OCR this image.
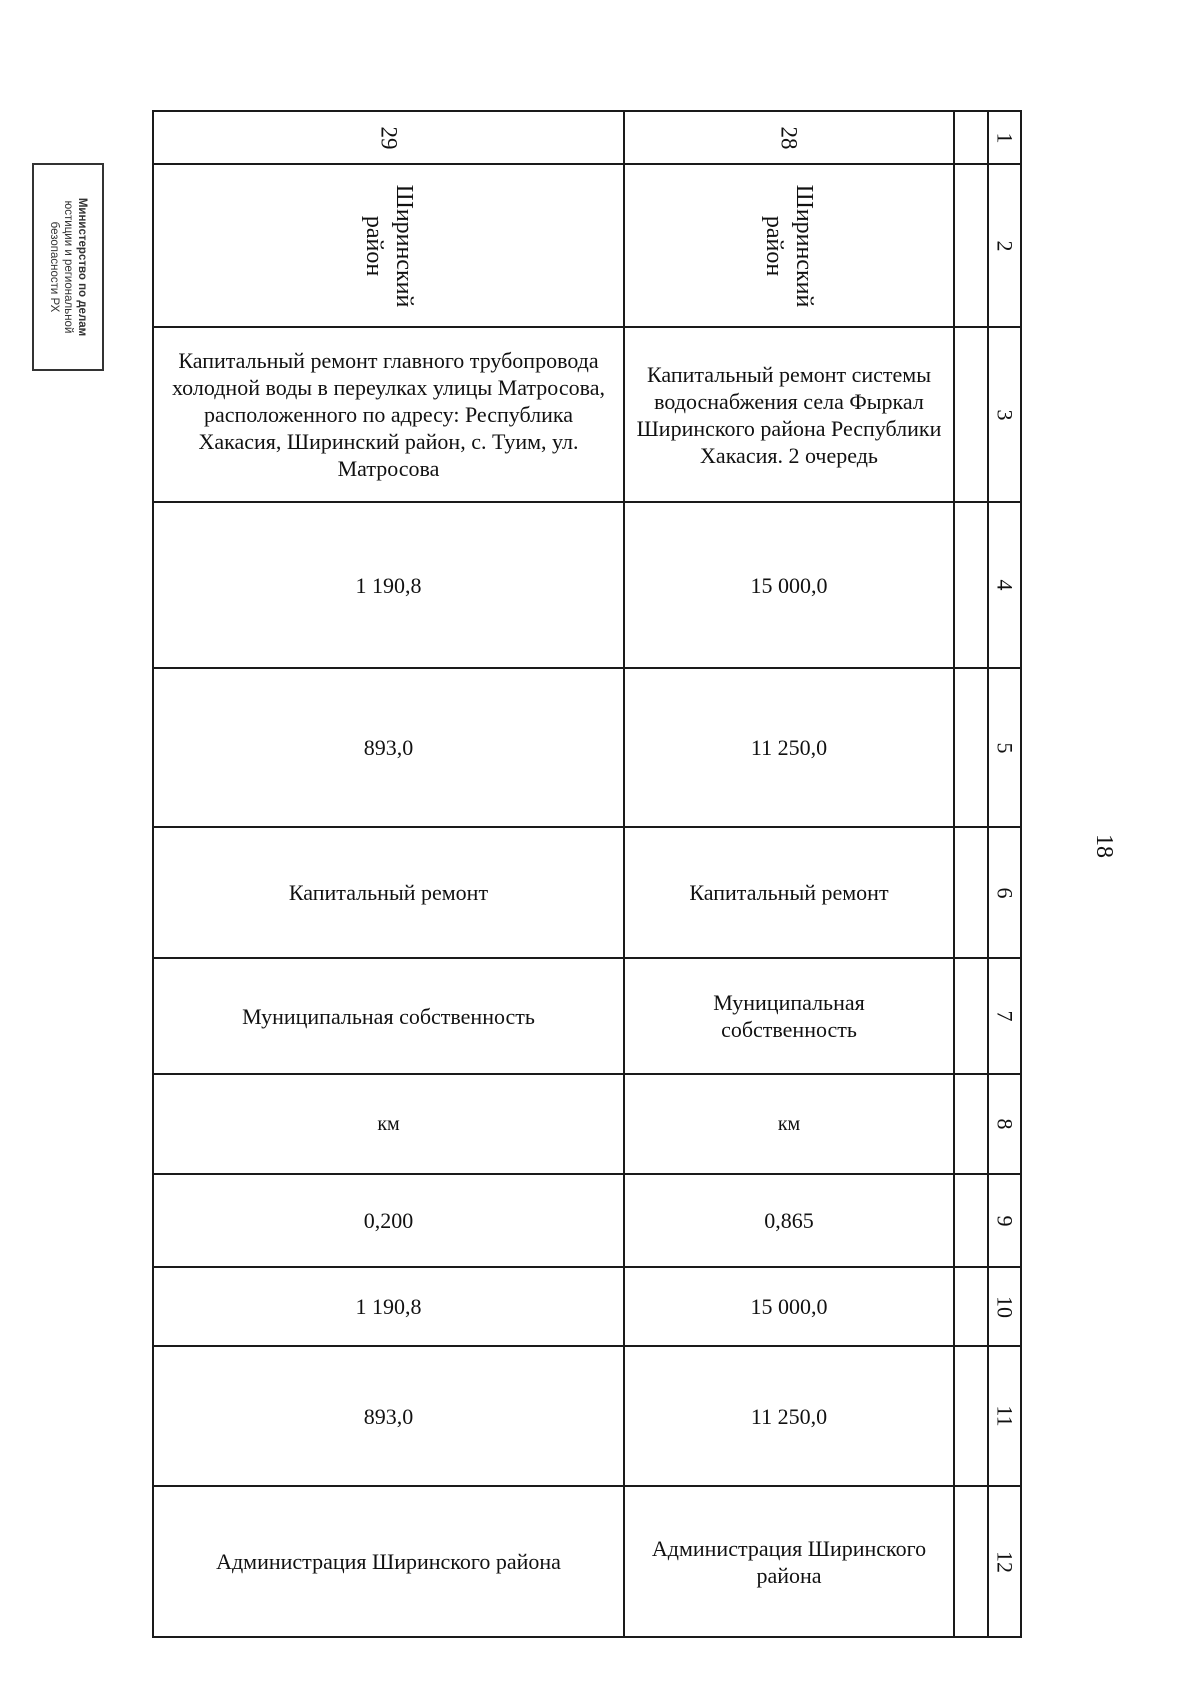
Министерство по делам
юстиции и региональной
безопасности РХ
18
1
2
3
4
5
6
7
8
9
10
11
12
28
Ширинский район
Капитальный ремонт системы водоснабжения села Фыркал Ширинского района Республики Хакасия. 2 очередь
15 000,0
11 250,0
Капитальный ремонт
Муниципальная собственность
км
0,865
15 000,0
11 250,0
Администрация Ширинского района
29
Ширинский район
Капитальный ремонт главного трубопровода холодной воды в переулках улицы Матросова, расположенного по адресу: Республика Хакасия, Ширинский район, с. Туим, ул. Матросова
1 190,8
893,0
Капитальный ремонт
Муниципальная собственность
км
0,200
1 190,8
893,0
Администрация Ширинского района
